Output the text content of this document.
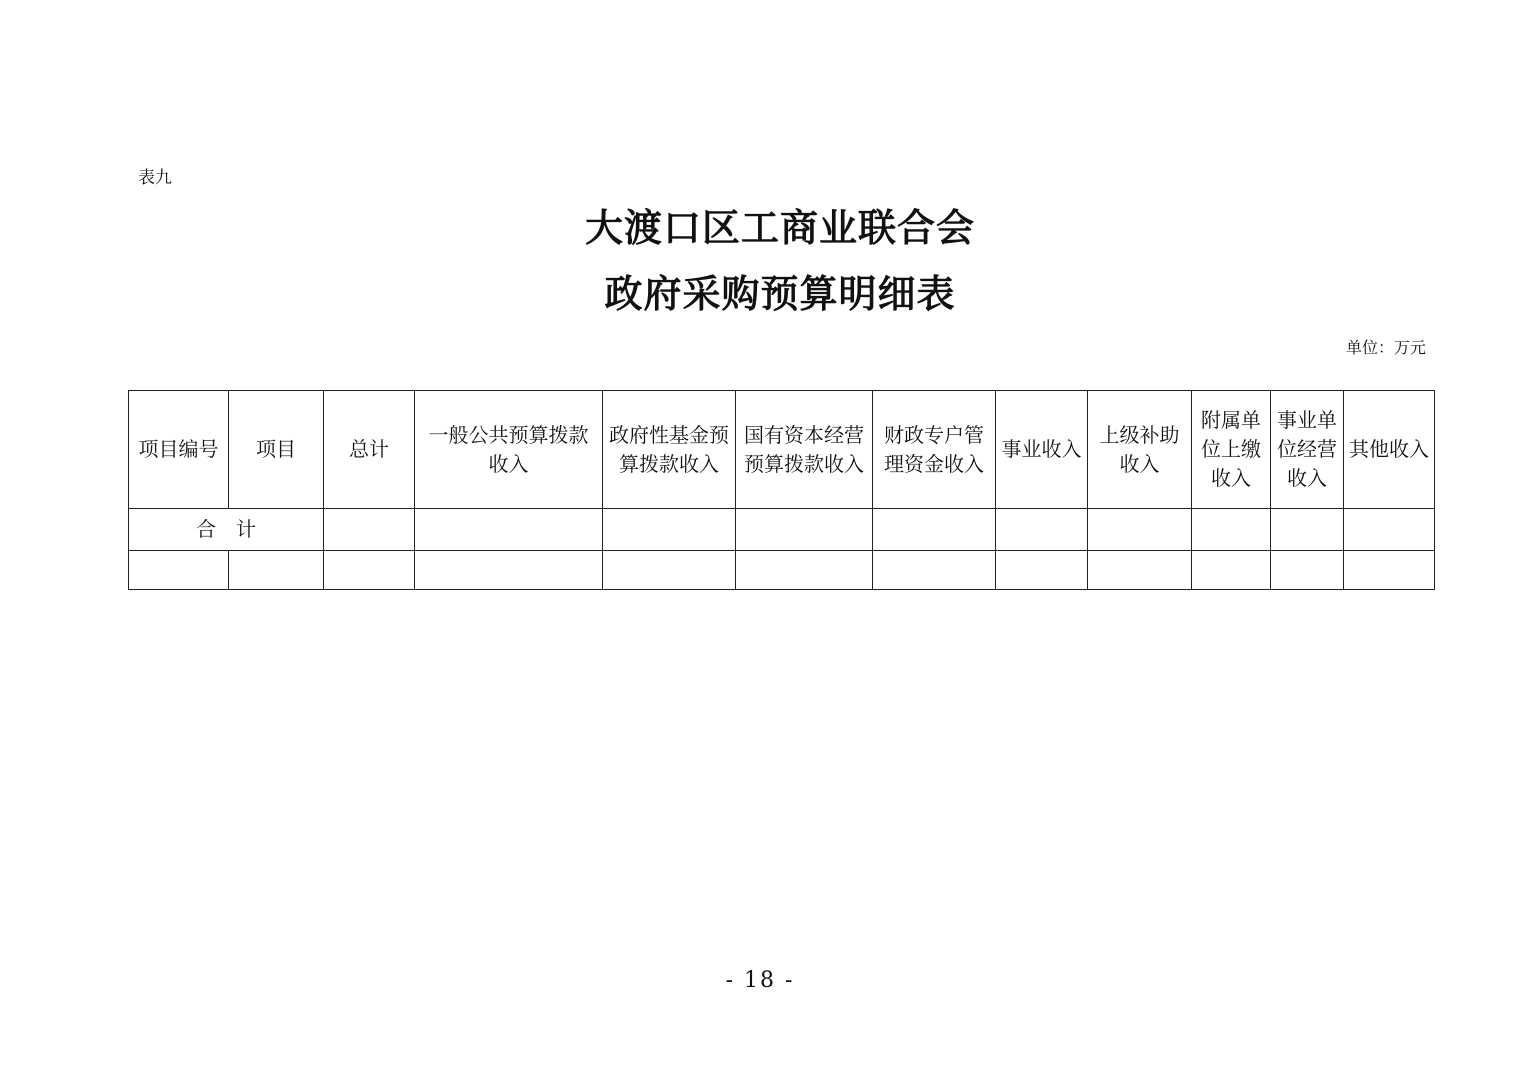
表九
大渡口区工商业联合会
政府采购预算明细表
单位：万元
项目编号	项目	总计	一般公共预算拨款收入	政府性基金预算拨款收入	国有资本经营预算拨款收入	财政专户管理资金收入	事业收入	上级补助收入	附属单位上缴收入	事业单位经营收入	其他收入
合　计											

- 18 -
